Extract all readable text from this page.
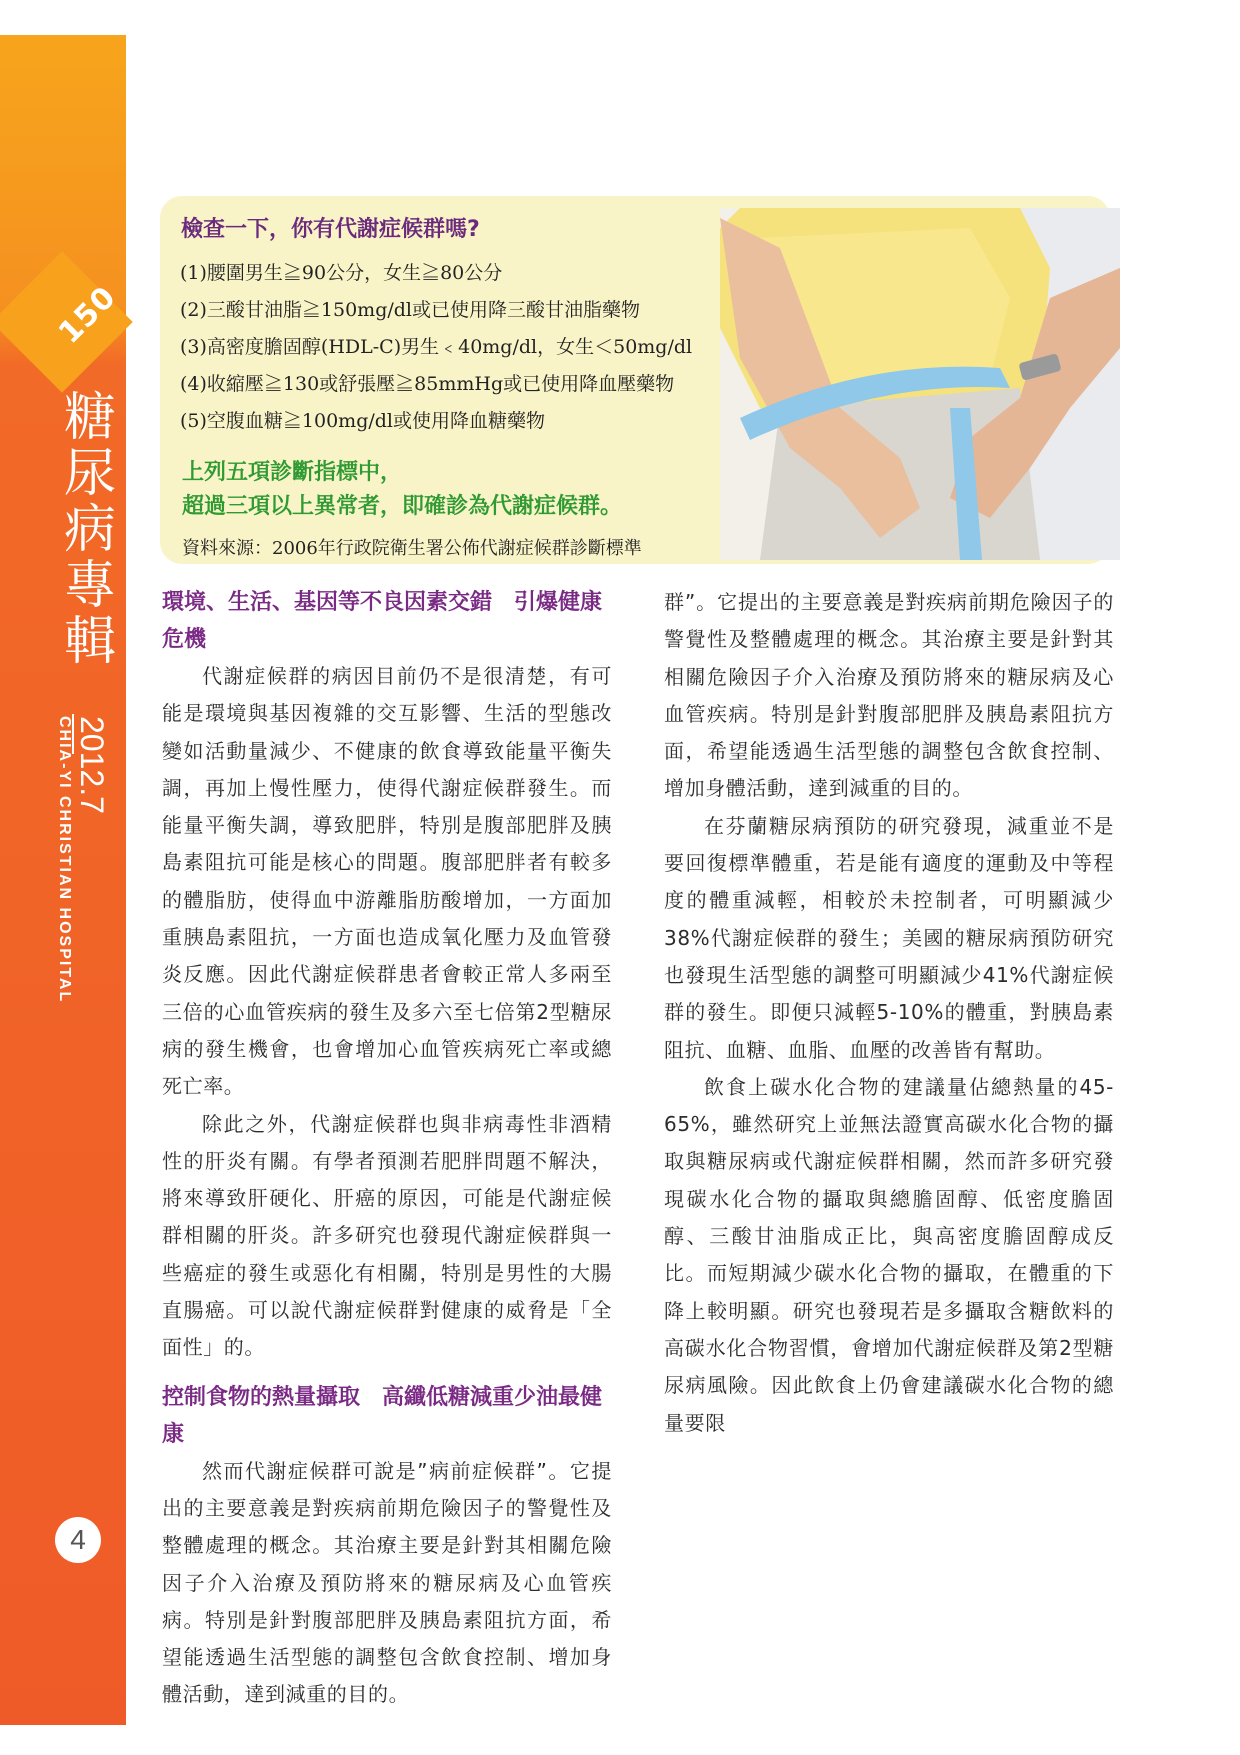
150
糖
尿
病
專
輯
2012.7
CHIA-YI CHRISTIAN HOSPITAL
4
檢查一下，你有代謝症候群嗎?
(1)腰圍男生≧90公分，女生≧80公分
(2)三酸甘油脂≧150mg/dl或已使用降三酸甘油脂藥物
(3)高密度膽固醇(HDL-C)男生﹤40mg/dl，女生＜50mg/dl
(4)收縮壓≧130或舒張壓≧85mmHg或已使用降血壓藥物
(5)空腹血糖≧100mg/dl或使用降血糖藥物
上列五項診斷指標中，
超過三項以上異常者，即確診為代謝症候群。
資料來源：2006年行政院衛生署公佈代謝症候群診斷標準
環境、生活、基因等不良因素交錯　引爆健康危機

代謝症候群的病因目前仍不是很清楚，有可能是環境與基因複雜的交互影響、生活的型態改變如活動量減少、不健康的飲食導致能量平衡失調，再加上慢性壓力，使得代謝症候群發生。而能量平衡失調，導致肥胖，特別是腹部肥胖及胰島素阻抗可能是核心的問題。腹部肥胖者有較多的體脂肪，使得血中游離脂肪酸增加，一方面加重胰島素阻抗，一方面也造成氧化壓力及血管發炎反應。因此代謝症候群患者會較正常人多兩至三倍的心血管疾病的發生及多六至七倍第2型糖尿病的發生機會，也會增加心血管疾病死亡率或總死亡率。

除此之外，代謝症候群也與非病毒性非酒精性的肝炎有關。有學者預測若肥胖問題不解決，將來導致肝硬化、肝癌的原因，可能是代謝症候群相關的肝炎。許多研究也發現代謝症候群與一些癌症的發生或惡化有相關，特別是男性的大腸直腸癌。可以說代謝症候群對健康的威脅是「全面性」的。

控制食物的熱量攝取　高纖低糖減重少油最健康

然而代謝症候群可說是”病前症候群”。它提出的主要意義是對疾病前期危險因子的警覺性及整體處理的概念。其治療主要是針對其相關危險因子介入治療及預防將來的糖尿病及心血管疾病。特別是針對腹部肥胖及胰島素阻抗方面，希望能透過生活型態的調整包含飲食控制、增加身體活動，達到減重的目的。

群”。它提出的主要意義是對疾病前期危險因子的警覺性及整體處理的概念。其治療主要是針對其相關危險因子介入治療及預防將來的糖尿病及心血管疾病。特別是針對腹部肥胖及胰島素阻抗方面，希望能透過生活型態的調整包含飲食控制、增加身體活動，達到減重的目的。

在芬蘭糖尿病預防的研究發現，減重並不是要回復標準體重，若是能有適度的運動及中等程度的體重減輕，相較於未控制者，可明顯減少38%代謝症候群的發生；美國的糖尿病預防研究也發現生活型態的調整可明顯減少41%代謝症候群的發生。即便只減輕5-10%的體重，對胰島素阻抗、血糖、血脂、血壓的改善皆有幫助。

飲食上碳水化合物的建議量佔總熱量的45-65%，雖然研究上並無法證實高碳水化合物的攝取與糖尿病或代謝症候群相關，然而許多研究發現碳水化合物的攝取與總膽固醇、低密度膽固醇、三酸甘油脂成正比，與高密度膽固醇成反比。而短期減少碳水化合物的攝取，在體重的下降上較明顯。研究也發現若是多攝取含糖飲料的高碳水化合物習慣，會增加代謝症候群及第2型糖尿病風險。因此飲食上仍會建議碳水化合物的總量要限
